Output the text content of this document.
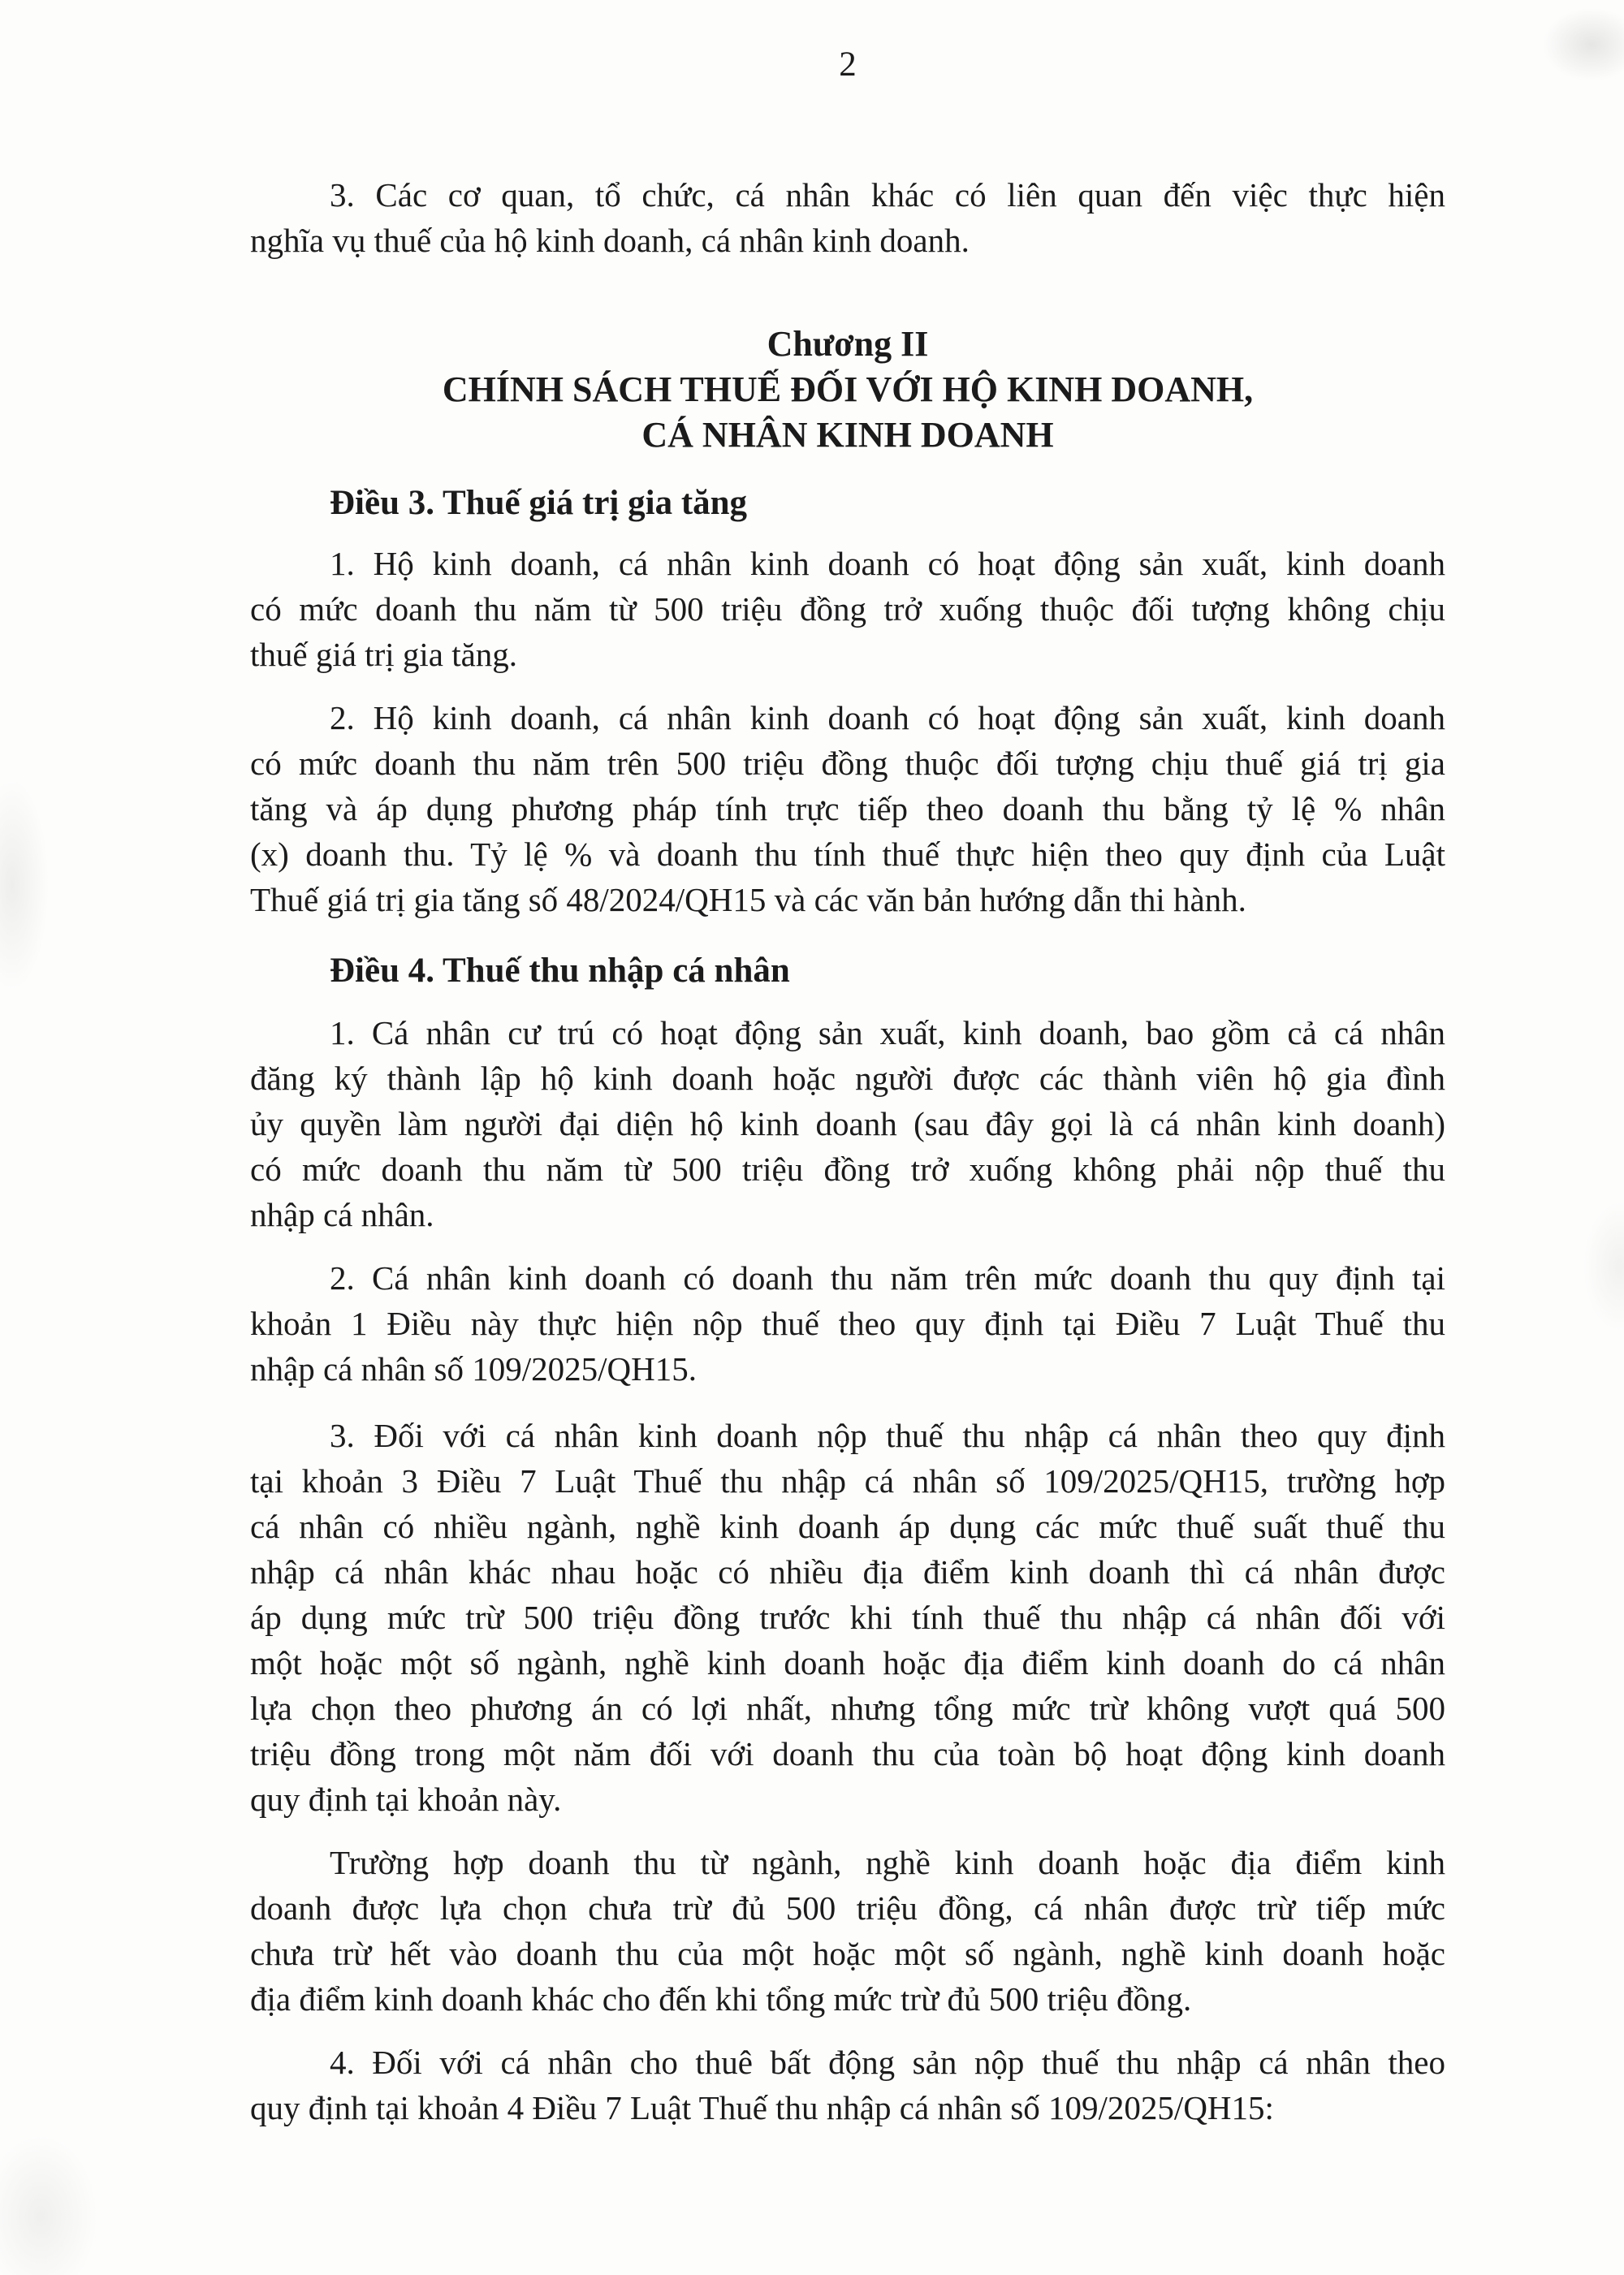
2
3. Các cơ quan, tổ chức, cá nhân khác có liên quan đến việc thực hiện
nghĩa vụ thuế của hộ kinh doanh, cá nhân kinh doanh.
Chương II
CHÍNH SÁCH THUẾ ĐỐI VỚI HỘ KINH DOANH,
CÁ NHÂN KINH DOANH
Điều 3. Thuế giá trị gia tăng
1. Hộ kinh doanh, cá nhân kinh doanh có hoạt động sản xuất, kinh doanh
có mức doanh thu năm từ 500 triệu đồng trở xuống thuộc đối tượng không chịu
thuế giá trị gia tăng.
2. Hộ kinh doanh, cá nhân kinh doanh có hoạt động sản xuất, kinh doanh
có mức doanh thu năm trên 500 triệu đồng thuộc đối tượng chịu thuế giá trị gia
tăng và áp dụng phương pháp tính trực tiếp theo doanh thu bằng tỷ lệ % nhân
(x) doanh thu. Tỷ lệ % và doanh thu tính thuế thực hiện theo quy định của Luật
Thuế giá trị gia tăng số 48/2024/QH15 và các văn bản hướng dẫn thi hành.
Điều 4. Thuế thu nhập cá nhân
1. Cá nhân cư trú có hoạt động sản xuất, kinh doanh, bao gồm cả cá nhân
đăng ký thành lập hộ kinh doanh hoặc người được các thành viên hộ gia đình
ủy quyền làm người đại diện hộ kinh doanh (sau đây gọi là cá nhân kinh doanh)
có mức doanh thu năm từ 500 triệu đồng trở xuống không phải nộp thuế thu
nhập cá nhân.
2. Cá nhân kinh doanh có doanh thu năm trên mức doanh thu quy định tại
khoản 1 Điều này thực hiện nộp thuế theo quy định tại Điều 7 Luật Thuế thu
nhập cá nhân số 109/2025/QH15.
3. Đối với cá nhân kinh doanh nộp thuế thu nhập cá nhân theo quy định
tại khoản 3 Điều 7 Luật Thuế thu nhập cá nhân số 109/2025/QH15, trường hợp
cá nhân có nhiều ngành, nghề kinh doanh áp dụng các mức thuế suất thuế thu
nhập cá nhân khác nhau hoặc có nhiều địa điểm kinh doanh thì cá nhân được
áp dụng mức trừ 500 triệu đồng trước khi tính thuế thu nhập cá nhân đối với
một hoặc một số ngành, nghề kinh doanh hoặc địa điểm kinh doanh do cá nhân
lựa chọn theo phương án có lợi nhất, nhưng tổng mức trừ không vượt quá 500
triệu đồng trong một năm đối với doanh thu của toàn bộ hoạt động kinh doanh
quy định tại khoản này.
Trường hợp doanh thu từ ngành, nghề kinh doanh hoặc địa điểm kinh
doanh được lựa chọn chưa trừ đủ 500 triệu đồng, cá nhân được trừ tiếp mức
chưa trừ hết vào doanh thu của một hoặc một số ngành, nghề kinh doanh hoặc
địa điểm kinh doanh khác cho đến khi tổng mức trừ đủ 500 triệu đồng.
4. Đối với cá nhân cho thuê bất động sản nộp thuế thu nhập cá nhân theo
quy định tại khoản 4 Điều 7 Luật Thuế thu nhập cá nhân số 109/2025/QH15:
